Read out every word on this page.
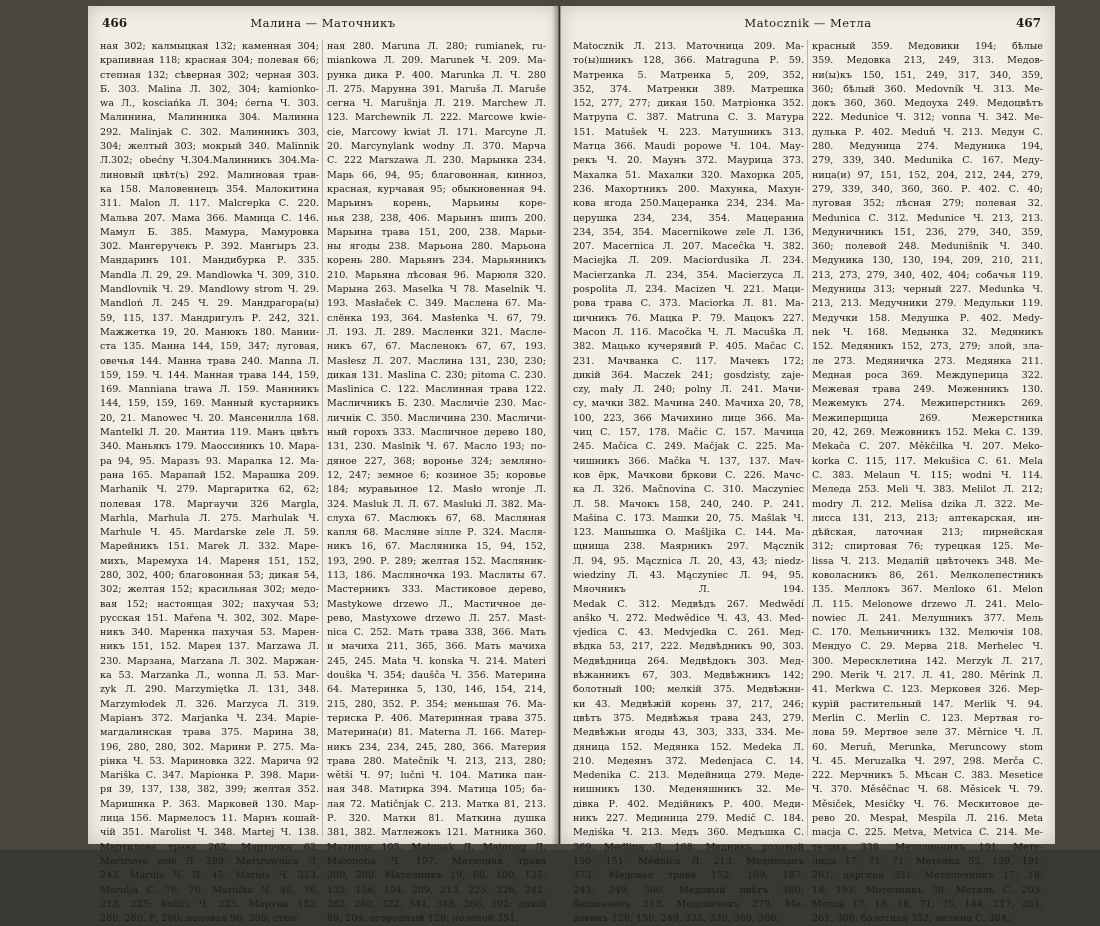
466	Малина — Маточникъ
ная 302; калмыцкая 132; каменная 304;
крапивная 118; красная 304; полевая 66;
степная 132; сѣверная 302; черная 303.
Б. 303. Malina Л. 302, 304; kamionko-
wa Л., kosciańka Л. 304; ćerna Ч. 303.
Малинина, Малинника 304. Малинна
292. Malinjak С. 302. Малинникъ 303,
304; желтый 303; мокрый 340. Malinnik
Л.302; obećny Ч.304.Малинникъ 304.Ма-
линовый цвѣт(ъ) 292. Малиновая трав-
ка 158. Маловеннецъ 354. Малокитина
311. Malon Л. 117. Malcrepka С. 220.
Мальва 207. Мама 366. Мамица С. 146.
Мамул Б. 385. Мамура, Мамуровка
302. Мангеручекъ Р. 392. Мангыръ 23.
Мандаринъ 101. Мандибурка Р. 335.
Mandla Л. 29, 29. Mandlowka Ч. 309, 310.
Mandlovnik Ч. 29. Mandlowy strom Ч. 29.
Mandloń Л. 245 Ч. 29. Мандрагора(ы)
59, 115, 137. Мандригулъ Р. 242, 321.
Мажжетка 19, 20. Манюкъ 180. Манни-
ста 135. Манна 144, 159, 347; луговая,
овечья 144. Манна трава 240. Manna Л.
159, 159. Ч. 144. Манная трава 144, 159,
169. Manniana trawa Л. 159. Маннникъ
144, 159, 159, 169. Манный кустарникъ
20, 21. Manowec Ч. 20. Мансенилла 168.
Mantelkl Л. 20. Мантиа 119. Манъ цвѣтъ
340. Маньякъ 179. Маоссиникъ 10. Мара-
ра 94, 95. Маразъ 93. Маралка 12. Ма-
рана 165. Марапай 152. Марашка 209.
Marhanik Ч. 279. Маргаритка 62, 62;
полевая 178. Маргаучи 326 Margla,
Marhla, Marhula Л. 275. Marhulak Ч.
Marhule Ч. 45. Mardarske zele Л. 59.
Марейникъ 151. Marek Л. 332. Маре-
михъ, Маремуха 14. Мареня 151, 152,
280, 302, 400; благовонная 53; дикая 54,
302; желтая 152; красильная 302; медо-
вая 152; настоящая 302; пахучая 53;
русская 151. Mařena Ч. 302, 302. Маре-
никъ 340. Маренка пахучая 53. Марен-
никъ 151, 152. Марея 137. Marzawa Л.
230. Марзана, Marzana Л. 302. Маржан-
ка 53. Marzanka Л., wonna Л. 53. Mar-
zyk Л. 290. Marzymiętka Л. 131, 348.
Marzymłodek Л. 326. Marzyca Л. 319.
Маріанъ 372. Marjanka Ч. 234. Маріе-
магдалинская трава 375. Марина 38,
196, 280, 280, 302. Марини Р. 275. Ма-
рінка Ч. 53. Мариновка 322. Марича 92
Mariška С. 347. Марiонка Р. 398. Мари-
ря 39, 137, 138, 382, 399; желтая 352.
Маришнка Р. 363. Марковей 130. Мар-
лица 156. Мармелосъ 11. Марнъ кошай-
чій 351. Marolist Ч. 348. Martej Ч. 138.
Мартилова трава 262. Марточка 62.
Martrowe zele Л. 280. Martrownica Л.
243. Maruła Ч. Л. 45. Maruła Ч. 313.
Marulja С. 76, 76. Marulka Ч. 45, 76,
213, 225; kočići Ч. 225. Маруна 152,
280, 280. Р. 280; полевая 96, 280; степ-
ная 280. Maruna Л. 280; rumianek, ru-
miankowa Л. 209. Marunek Ч. 209. Ма-
рунка дика Р. 400. Marunka Л. Ч. 280
Л. 275. Марунна 391. Maruša Л. Maruše
сегна Ч. Marušnja Л. 219. Marchew Л.
123. Marchewnik Л. 222. Marcowe kwie-
cie, Marcowy kwiat Л. 171. Marcyne Л.
20. Marcynylank wodny Л. 370. Марча
С. 222 Marszawa Л. 230. Марынка 234.
Марь 66, 94, 95; благовонная, кинноз,
красная, курчавая 95; обыкновенная 94.
Марьинъ корень, Марьины коре-
нья 238, 238, 406. Марьинъ шипъ 200.
Марьина трава 151, 200, 238. Марьи-
ны ягоды 238. Марьона 280. Марьона
корень 280. Марьянъ 234. Марьянникъ
210. Марьяна лѣсовая 96. Марюля 320.
Марына 263. Maselka Ч 78. Maselnik Ч.
193. Masłaček С. 349. Маслена 67. Ма-
слёнка 193, 364. Masłenka Ч. 67, 79.
Л. 193. Л. 289. Масленки 321. Масле-
никъ 67, 67. Масленокъ 67, 67, 193.
Masłesz Л. 207. Маслина 131, 230, 230;
дикая 131. Maslina С. 230; pitoma С. 230.
Maslinica С. 122. Маслинная трава 122.
Масличникъ Б. 230. Масличіе 230. Мас-
личнік С. 350. Масличина 230. Масличи-
ный горохъ 333. Масличное дерево 180,
131, 230. Maslnik Ч. 67. Масло 193; по-
дяное 227, 368; вороньe 324; земляно-
12, 247; земное 6; козиное 35; коровье
184; муравьиное 12. Masło wronje Л.
324. Masluk Л. Л. 67. Masluki Л. 382. Ма-
слуха 67. Маслюкъ 67, 68. Масляная
капля 68. Масляне зілле Р. 324. Масля-
никъ 16, 67. Масляника 15, 94, 152,
193, 290. Р. 289; желтая 152. Масляник-
113, 186. Масляночка 193. Масляты 67.
Мастерникъ 333. Мастиковое дерево,
Mastykowe drzewo Л., Мастичное де-
рево, Mastyxowe drzewo Л. 257. Mast-
nica С. 252. Мать трава 338, 366. Мать
и мачиха 211, 365, 366. Мать мачиха
245, 245. Mata Ч. konska Ч. 214. Materi
douška Ч. 354; daušča Ч. 356. Материна
64. Материнка 5, 130, 146, 154, 214,
215, 280, 352. Р. 354; меньшая 76. Ма-
териска Р. 406. Материнная трава 375.
Материна(и) 81. Materna Л. 166. Матер-
никъ 234, 234, 245, 280, 366. Материя
трава 280. Matečnik Ч. 213, 213, 280;
wětší Ч. 97; lučni Ч. 104. Матика пан-
ная 348. Матирка 394. Матица 105; ба-
лая 72. Matičnjak С. 213. Матка 81, 213.
Р. 320. Матки 81. Маткина душка
381, 382. Матлежокъ 121. Матника 360.
Матница 105. Matonak Л. Matonog Л.
Matonoha Ч. 197. Маточная трава
209, 280. Маточникъ 19, 60, 100, 125,
132, 156, 194, 209, 213, 225, 226, 242,
262, 280, 322, 341, 348, 366, 392; дикій
89, 204; огородный 128; полевой 351.
Matocznik — Метла	467
Matocznik Л. 213. Маточница 209. Ма-
то(ы)шникъ 128, 366. Matraguna Р. 59.
Матренка 5. Матренка 5, 209, 352,
352, 374. Матренки 389. Матрешка
152, 277, 277; дикая 150. Матріонка 352.
Матрупа С. 387. Matruna С. 3. Матура
151. Matušek Ч. 223. Матушникъ 313.
Матца 366. Maudi popowe Ч. 104. Мау-
рекъ Ч. 20. Маунъ 372. Маурица 373.
Махалка 51. Махалки 320. Махорка 205,
236. Махортникъ 200. Махунка, Махун-
кова ягода 250.Мацеранка 234, 234. Ма-
церушка 234, 234, 354. Мацеранна
234, 354, 354. Macernikowe zele Л. 136,
207. Macernica Л. 207. Macečka Ч. 382.
Maciejka Л. 209. Maciordusika Л. 234.
Macierzanka Л. 234, 354. Macierzyca Л.
pospolita Л. 234. Macizen Ч. 221. Маци-
рова трава С. 373. Maciorka Л. 81. Ма-
цичникъ 76. Мацка Р. 79. Мацокъ 227.
Macon Л. 116. Macočka Ч. Л. Macuška Л.
382. Мацько кучерявий Р. 405. Mačac С.
231. Мачванка С. 117. Мачекъ 172;
дикій 364. Maczek 241; gosdzisty, zaje-
czy, mały Л. 240; polny Л. 241. Мачи-
су, мачки 382. Мачина 240. Мачиха 20, 78,
100, 223, 366 Мачихино лице 366. Ма-
чиц С. 157, 178. Mačic С. 157. Мачица
245. Mačica С. 249. Mačjak С. 225. Ма-
чишникъ 366. Mačka Ч. 137, 137. Мач-
ков ёрк, Мачкови бркови С. 226. Мачс-
ка Л. 326. Mačnovina С. 310. Maczyniec
Л. 58. Мачокъ 158, 240, 240. Р. 241.
Mašina С. 173. Машки 20, 75. Mašlak Ч.
123. Машышка O. Mašljika С. 144. Ма-
щнища 238. Маярникъ 297. Mącznik
Л. 94, 95. Mącznica Л. 20, 43, 43; niedz-
wiedziny Л. 43. Mączyniec Л. 94, 95.
Мяочникъ Л. 194.
Medak С. 312. Медвѣдъ 267. Medwědí
anško Ч. 272. Medwědice Ч. 43, 43. Med-
vjedica С. 43. Medvjedka С. 261. Мед-
вѣдка 53, 217, 222. Медвѣдникъ 90, 303.
Медвѣдница 264. Медвѣдокъ 303. Мед-
вѣжанникъ 67, 303. Медвѣжникъ 142;
болотный 100; мелкій 375. Медвѣжни-
ки 43. Медвѣжій корень 37, 217, 246;
цвѣтъ 375. Медвѣжья трава 243, 279.
Медвѣжьи ягоды 43, 303, 333, 334. Ме-
дяница 152. Медянка 152. Medeka Л.
210. Медеянъ 372. Medenjaca С. 14.
Medenika С. 213. Медейница 279. Меде-
нишникъ 130. Меденяшникъ 32. Ме-
дiвка Р. 402. Медійникъ Р. 400. Меди-
никъ 227. Мединица 279. Medič С. 184.
Медiśka Ч. 213. Медъ 360. Медъшка С.
369. Medlina Л. 168. Медникъ розовый
150, 151. Mědnica Л. 213. Медполанъ
373. Медовая трава 152, 169, 187,
243, 249, 360. Медовый цвѣтъ 360;
башмачекъ 213. Медовичокъ 279. Ме-
довикъ 128, 150, 249, 335, 339, 360, 360;
красный 359. Медовики 194; бѣлые
359. Медовка 213, 249, 313. Медов-
ни(ы)къ 150, 151, 249, 317, 340, 359,
360; бѣлый 360. Medovník Ч. 313. Ме-
докъ 360, 360. Медоуха 249. Медоцвѣтъ
222. Medunice Ч. 312; vonna Ч. 342. Ме-
дулька Р. 402. Meduň Ч. 213. Медун С.
280. Медуница 274. Медуника 194,
279, 339, 340. Medunika С. 167. Меду-
ница(и) 97, 151, 152, 204, 212, 244, 279,
279, 339, 340, 360, 360. Р. 402. С. 40;
луговая 352; лѣсная 279; полевая 32.
Medunica С. 312. Medunice Ч. 213, 213.
Медуничникъ 151, 236, 279, 340, 359,
360; полевой 248. Medunišnik Ч. 340.
Медуника 130, 130, 194, 209, 210, 211,
213, 273, 279, 340, 402, 404; собачья 119.
Медуницы 313; черный 227. Medunka Ч.
213, 213. Медучники 279. Медульки 119.
Медучки 158. Медушка Р. 402. Medy-
nek Ч. 168. Медынка 32. Медяникъ
152. Медяникъ 152, 273, 279; злой, зла-
ле 273. Медяничка 273. Медянка 211.
Медная роса 369. Междуперица 322.
Межевая трава 249. Меженникъ 130.
Межемукъ 274. Межиперстникъ 269.
Межиперщица 269. Межерстника
20, 42, 269. Межовникъ 152. Meka С. 139.
Mekača С. 207. Měkčilka Ч. 207. Meko-
korka С. 115, 117. Mekušica С. 61. Mela
С. 383. Melaun Ч. 115; wodni Ч. 114.
Меледа 253. Meli Ч. 383. Melilot Л. 212;
modry Л. 212. Melisa dzika Л. 322. Ме-
лисса 131, 213, 213; аптекарская, ин-
дѣйская, латочная 213; пирнейская
312; спиртовая 76; турецкая 125. Ме-
lissa Ч. 213. Медалій цвѣточекъ 348. Ме-
коволасникъ 86, 261. Мелколепестникъ
135. Меллокъ 367. Мелloко 61. Melon
Л. 115. Melonowe drzewo Л. 241. Melo-
nowiec Л. 241. Мелушникъ 377. Мель
С. 170. Мельничникъ 132. Мелючія 108.
Мендуо С. 29. Мерва 218. Merhelec Ч.
300. Мересклетина 142. Merzyk Л. 217,
290. Merik Ч. 217. Л. 41, 280. Měrink Л.
41. Merkwa С. 123. Мерковея 326. Мер-
курій растительный 147. Merlik Ч. 94.
Merlin С. Merlin С. 123. Мертвая го-
лова 59. Мертвое зеле 37. Měrnice Ч. Л.
60. Meruň, Merunka, Meruncowy stom
Ч. 45. Meruzalka Ч. 297, 298. Merča С.
222. Мерчникъ 5. Мѣсан С. 383. Mesetice
Ч. 370. Měsěčnac Ч. 68. Měsicek Ч. 79.
Měsiček, Mesičky Ч. 76. Мескитовое де-
рево 20. Mespał, Mespila Л. 216. Meta
macja С. 225. Metva, Metvica С. 214. Ме-
телика 338. Метелининкъ 191. Мете-
лица 17, 71, 71. Метелка 52, 139, 191,
261; царская 331. Метелочникъ 17, 18,
18, 191. Метелникъ 39. Метиль С. 205.
Метла 17, 18, 18, 71, 75, 144, 217, 261,
261, 306; болотная 352; вилина С. 384;
